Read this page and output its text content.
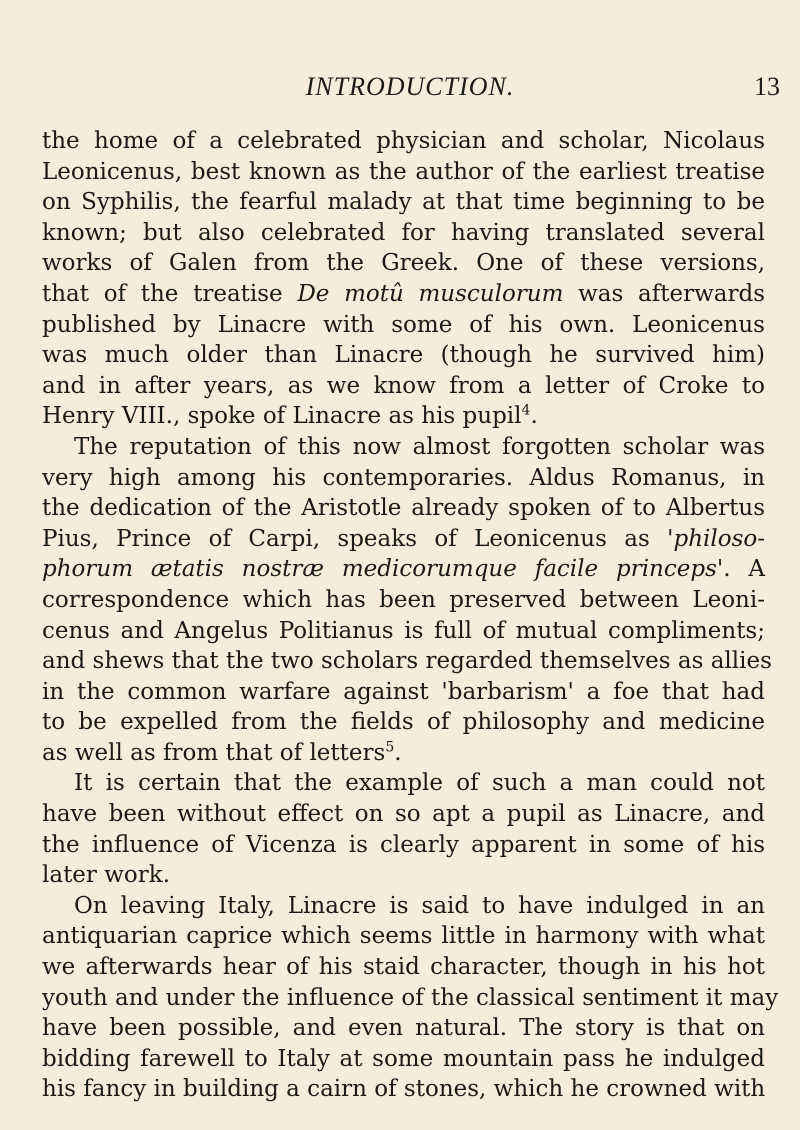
INTRODUCTION.	13
the home of a celebrated physician and scholar, Nicolaus
Leonicenus, best known as the author of the earliest treatise
on Syphilis, the fearful malady at that time beginning to be
known; but also celebrated for having translated several
works of Galen from the Greek. One of these versions,
that of the treatise De motû musculorum was afterwards
published by Linacre with some of his own. Leonicenus
was much older than Linacre (though he survived him)
and in after years, as we know from a letter of Croke to
Henry VIII., spoke of Linacre as his pupil$^4$.
The reputation of this now almost forgotten scholar was
very high among his contemporaries. Aldus Romanus, in
the dedication of the Aristotle already spoken of to Albertus
Pius, Prince of Carpi, speaks of Leonicenus as 'philoso-
phorum ætatis nostræ medicorumque facile princeps'. A
correspondence which has been preserved between Leoni-
cenus and Angelus Politianus is full of mutual compliments;
and shews that the two scholars regarded themselves as allies
in the common warfare against 'barbarism' a foe that had
to be expelled from the fields of philosophy and medicine
as well as from that of letters$^5$.
It is certain that the example of such a man could not
have been without effect on so apt a pupil as Linacre, and
the influence of Vicenza is clearly apparent in some of his
later work.
On leaving Italy, Linacre is said to have indulged in an
antiquarian caprice which seems little in harmony with what
we afterwards hear of his staid character, though in his hot
youth and under the influence of the classical sentiment it may
have been possible, and even natural. The story is that on
bidding farewell to Italy at some mountain pass he indulged
his fancy in building a cairn of stones, which he crowned with
